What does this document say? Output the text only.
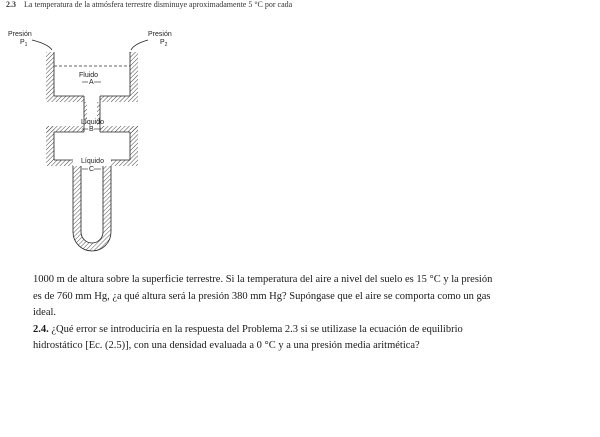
2.3 La temperatura de la atmósfera terrestre disminuye aproximadamente 5 °C por cada
Presión
$P_1$
Presión
$P_2$
Fluido
A
Líquido
B
Líquido
C

1000 m de altura sobre la superficie terrestre. Si la temperatura del aire a nivel del suelo es 15 °C y la presión es de 760 mm Hg, ¿a qué altura será la presión 380 mm Hg? Supóngase que el aire se comporta como un gas ideal.

2.4. ¿Qué error se introduciría en la respuesta del Problema 2.3 si se utilizase la ecuación de equilibrio hidrostático [Ec. (2.5)], con una densidad evaluada a 0 °C y a una presión media aritmética?
